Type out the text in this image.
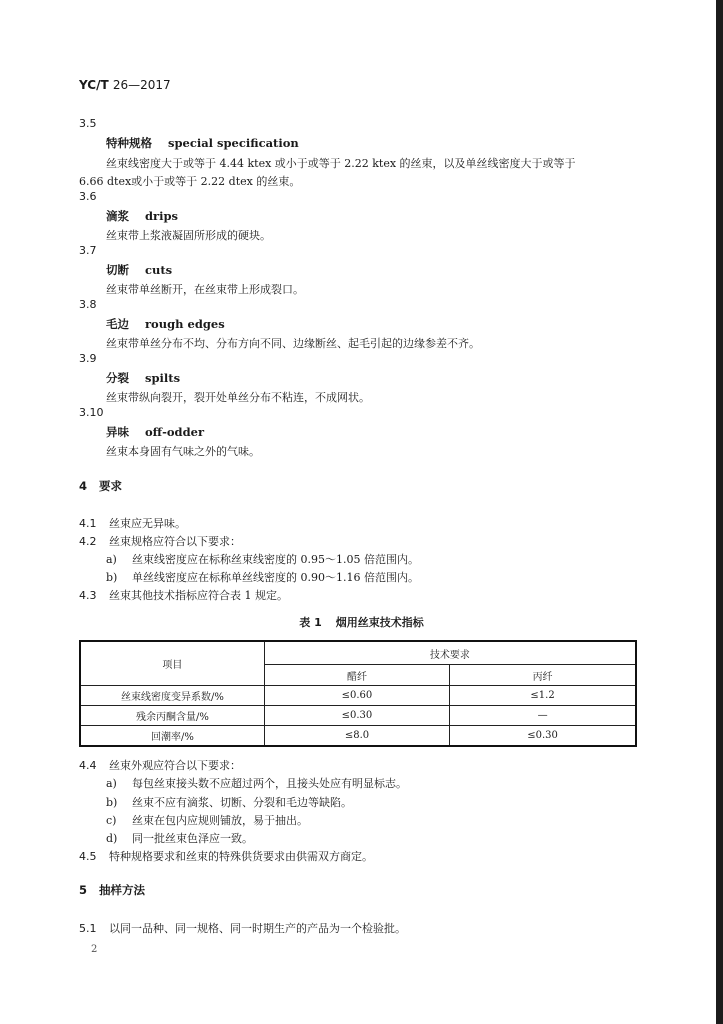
YC/T 26—2017
3.5
特种规格 special specification
丝束线密度大于或等于 4.44 ktex 或小于或等于 2.22 ktex 的丝束，以及单丝线密度大于或等于
6.66 dtex或小于或等于 2.22 dtex 的丝束。
3.6
滴浆 drips
丝束带上浆液凝固所形成的硬块。
3.7
切断 cuts
丝束带单丝断开，在丝束带上形成裂口。
3.8
毛边 rough edges
丝束带单丝分布不均、分布方向不同、边缘断丝、起毛引起的边缘参差不齐。
3.9
分裂 spilts
丝束带纵向裂开，裂开处单丝分布不粘连，不成网状。
3.10
异味 off-odder
丝束本身固有气味之外的气味。
4 要求
4.1 丝束应无异味。
4.2 丝束规格应符合以下要求：
a) 丝束线密度应在标称丝束线密度的 0.95～1.05 倍范围内。
b) 单丝线密度应在标称单丝线密度的 0.90～1.16 倍范围内。
4.3 丝束其他技术指标应符合表 1 规定。
表 1 烟用丝束技术指标
项目	技术要求	
	醋纤	丙纤
丝束线密度变异系数/%	≤0.60	≤1.2
残余丙酮含量/%	≤0.30	—
回潮率/%	≤8.0	≤0.30
4.4 丝束外观应符合以下要求：
a) 每包丝束接头数不应超过两个，且接头处应有明显标志。
b) 丝束不应有滴浆、切断、分裂和毛边等缺陷。
c) 丝束在包内应规则铺放，易于抽出。
d) 同一批丝束色泽应一致。
4.5 特种规格要求和丝束的特殊供货要求由供需双方商定。
5 抽样方法
5.1 以同一品种、同一规格、同一时期生产的产品为一个检验批。
2
